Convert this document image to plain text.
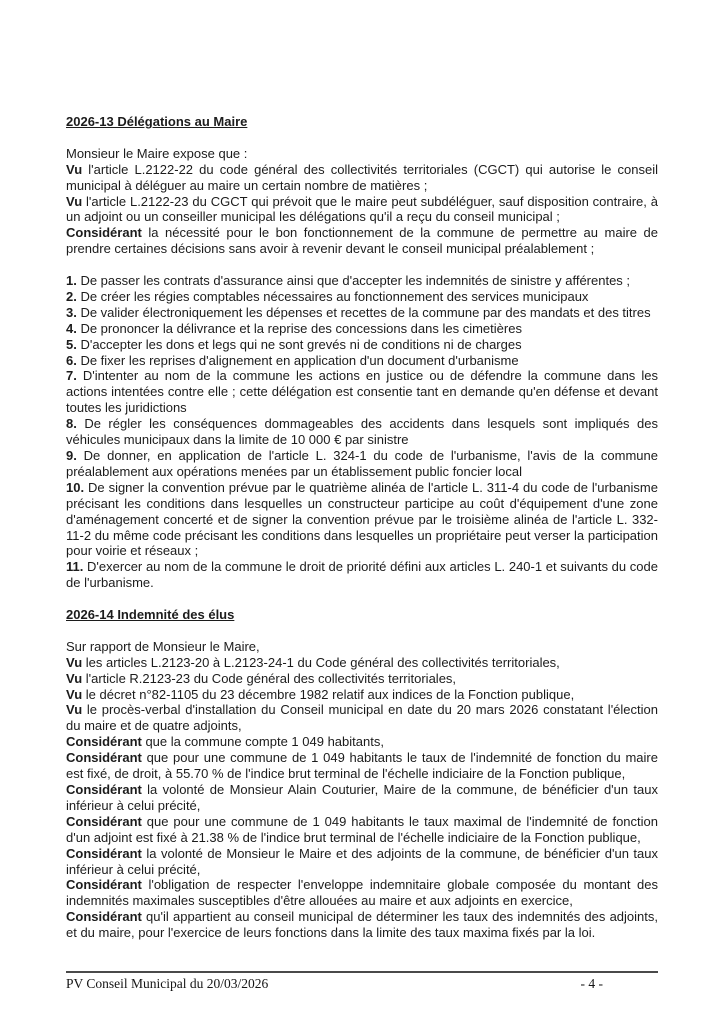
2026-13 Délégations au Maire
Monsieur le Maire expose que :
Vu l'article L.2122-22 du code général des collectivités territoriales (CGCT) qui autorise le conseil municipal à déléguer au maire un certain nombre de matières ;
Vu l'article L.2122-23 du CGCT qui prévoit que le maire peut subdéléguer, sauf disposition contraire, à un adjoint ou un conseiller municipal les délégations qu'il a reçu du conseil municipal ;
Considérant la nécessité pour le bon fonctionnement de la commune de permettre au maire de prendre certaines décisions sans avoir à revenir devant le conseil municipal préalablement ;
1. De passer les contrats d'assurance ainsi que d'accepter les indemnités de sinistre y afférentes ;
2. De créer les régies comptables nécessaires au fonctionnement des services municipaux
3. De valider électroniquement les dépenses et recettes de la commune par des mandats et des titres
4. De prononcer la délivrance et la reprise des concessions dans les cimetières
5. D'accepter les dons et legs qui ne sont grevés ni de conditions ni de charges
6. De fixer les reprises d'alignement en application d'un document d'urbanisme
7. D'intenter au nom de la commune les actions en justice ou de défendre la commune dans les actions intentées contre elle ; cette délégation est consentie tant en demande qu'en défense et devant toutes les juridictions
8. De régler les conséquences dommageables des accidents dans lesquels sont impliqués des véhicules municipaux dans la limite de 10 000 € par sinistre
9. De donner, en application de l'article L. 324-1 du code de l'urbanisme, l'avis de la commune préalablement aux opérations menées par un établissement public foncier local
10. De signer la convention prévue par le quatrième alinéa de l'article L. 311-4 du code de l'urbanisme précisant les conditions dans lesquelles un constructeur participe au coût d'équipement d'une zone d'aménagement concerté et de signer la convention prévue par le troisième alinéa de l'article L. 332-11-2 du même code précisant les conditions dans lesquelles un propriétaire peut verser la participation pour voirie et réseaux ;
11. D'exercer au nom de la commune le droit de priorité défini aux articles L. 240-1 et suivants du code de l'urbanisme.
2026-14 Indemnité des élus
Sur rapport de Monsieur le Maire,
Vu les articles L.2123-20 à L.2123-24-1 du Code général des collectivités territoriales,
Vu l'article R.2123-23 du Code général des collectivités territoriales,
Vu le décret n°82-1105 du 23 décembre 1982 relatif aux indices de la Fonction publique,
Vu le procès-verbal d'installation du Conseil municipal en date du 20 mars 2026 constatant l'élection du maire et de quatre adjoints,
Considérant que la commune compte 1 049 habitants,
Considérant que pour une commune de 1 049 habitants le taux de l'indemnité de fonction du maire est fixé, de droit, à 55.70 % de l'indice brut terminal de l'échelle indiciaire de la Fonction publique,
Considérant la volonté de Monsieur Alain Couturier, Maire de la commune, de bénéficier d'un taux inférieur à celui précité,
Considérant que pour une commune de 1 049 habitants le taux maximal de l'indemnité de fonction d'un adjoint est fixé à 21.38 % de l'indice brut terminal de l'échelle indiciaire de la Fonction publique,
Considérant la volonté de Monsieur le Maire et des adjoints de la commune, de bénéficier d'un taux inférieur à celui précité,
Considérant l'obligation de respecter l'enveloppe indemnitaire globale composée du montant des indemnités maximales susceptibles d'être allouées au maire et aux adjoints en exercice,
Considérant qu'il appartient au conseil municipal de déterminer les taux des indemnités des adjoints, et du maire, pour l'exercice de leurs fonctions dans la limite des taux maxima fixés par la loi.
PV Conseil Municipal du 20/03/2026	- 4 -
